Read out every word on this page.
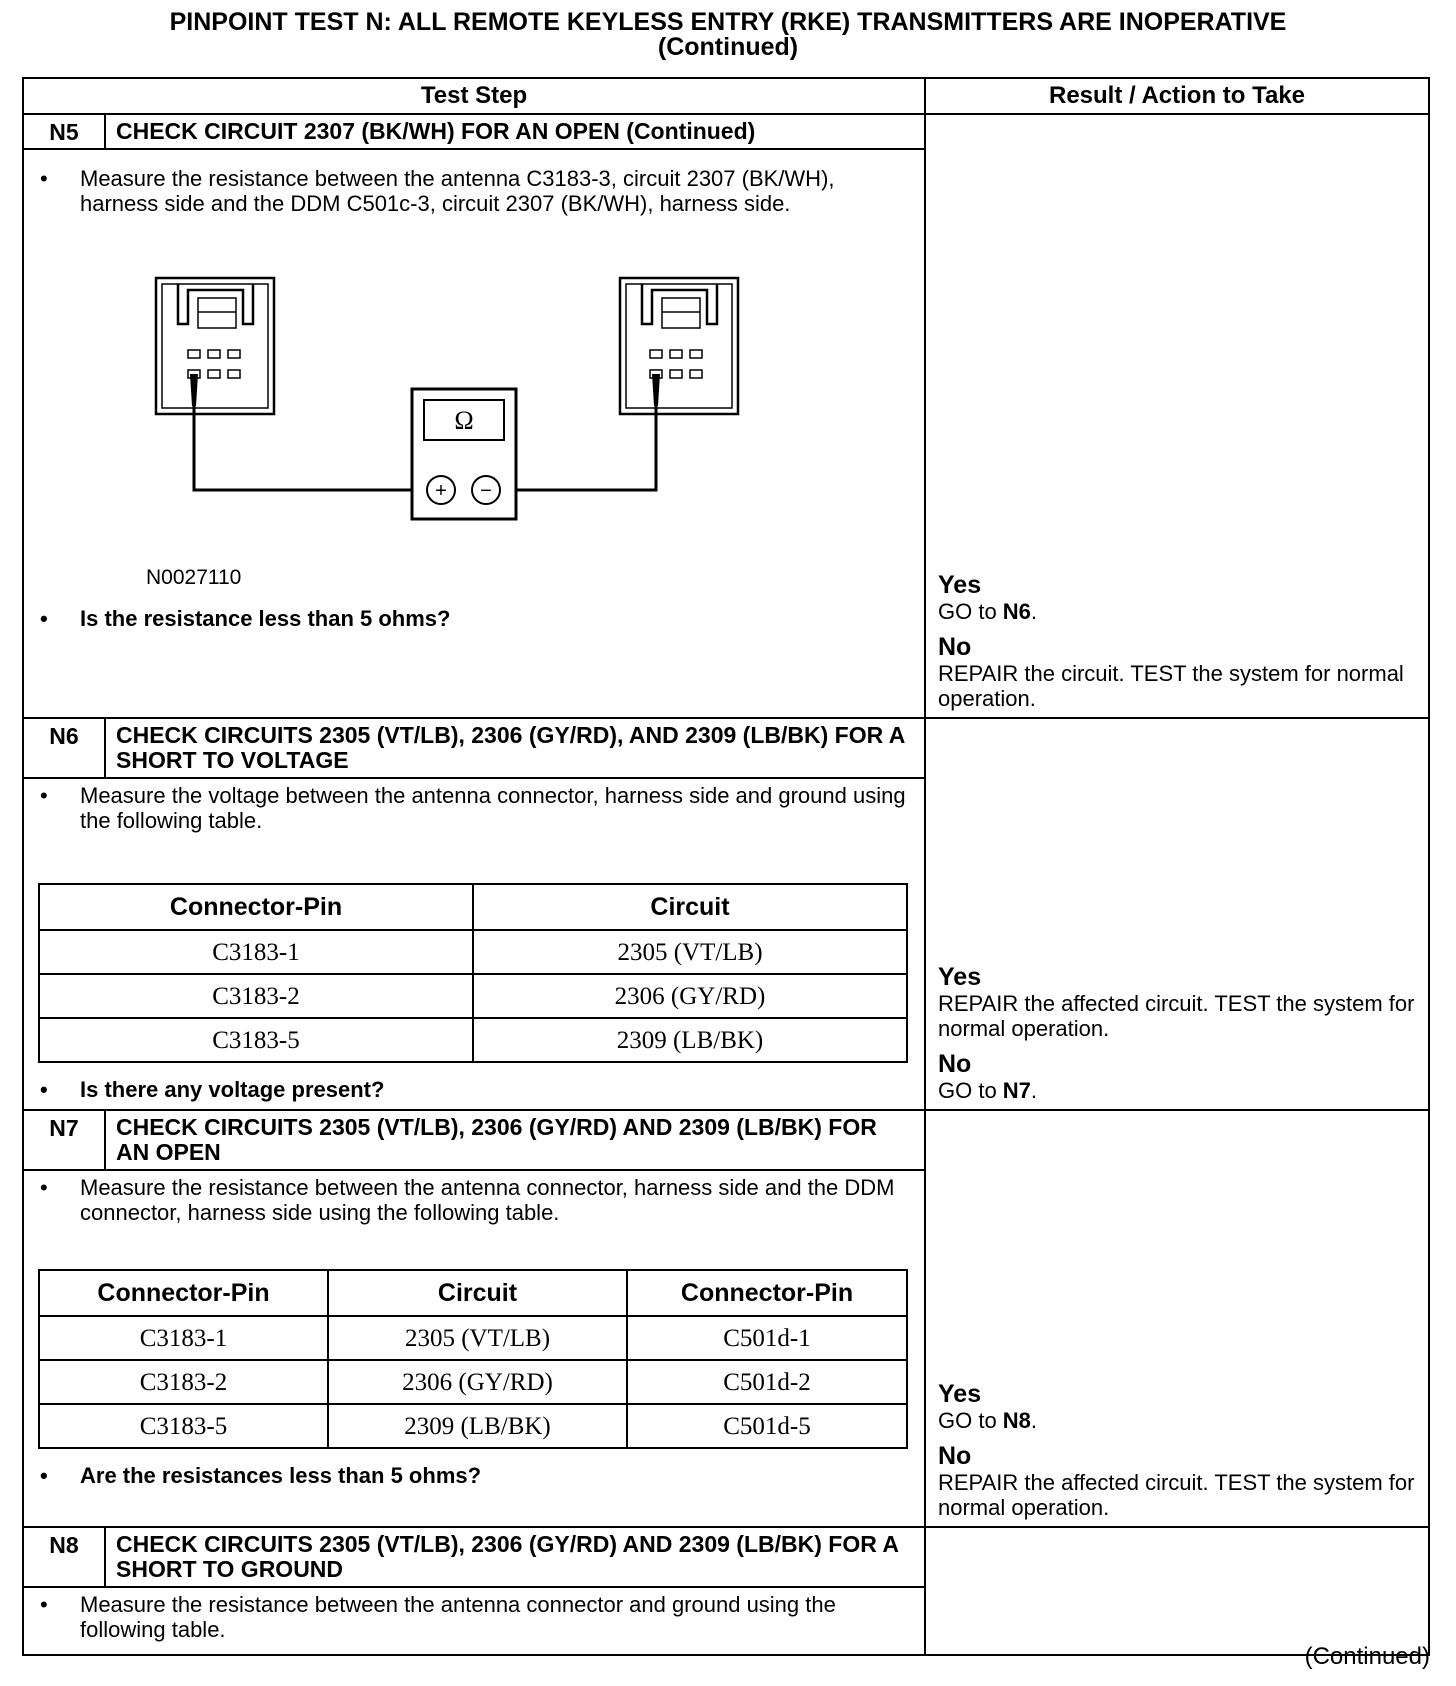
PINPOINT TEST N: ALL REMOTE KEYLESS ENTRY (RKE) TRANSMITTERS ARE INOPERATIVE
(Continued)
Test Step	Result / Action to Take
N5	CHECK CIRCUIT 2307 (BK/WH) FOR AN OPEN (Continued)	
Yes
GO to N6.
No
REPAIR the circuit. TEST the system for normal operation.

•	Measure the resistance between the antenna C3183-3, circuit 2307 (BK/WH), harness side and the DDM C501c-3, circuit 2307 (BK/WH), harness side.
Ω
+ −
N0027110
•	Is the resistance less than 5 ohms?

N6	CHECK CIRCUITS 2305 (VT/LB), 2306 (GY/RD), AND 2309 (LB/BK) FOR A SHORT TO VOLTAGE	
Yes
REPAIR the affected circuit. TEST the system for normal operation.
No
GO to N7.

•	Measure the voltage between the antenna connector, harness side and ground using the following table.
Connector-Pin	Circuit
C3183-1	2305 (VT/LB)
C3183-2	2306 (GY/RD)
C3183-5	2309 (LB/BK)
•	Is there any voltage present?

N7	CHECK CIRCUITS 2305 (VT/LB), 2306 (GY/RD) AND 2309 (LB/BK) FOR AN OPEN	
Yes
GO to N8.
No
REPAIR the affected circuit. TEST the system for normal operation.

•	Measure the resistance between the antenna connector, harness side and the DDM connector, harness side using the following table.
Connector-Pin	Circuit	Connector-Pin
C3183-1	2305 (VT/LB)	C501d-1
C3183-2	2306 (GY/RD)	C501d-2
C3183-5	2309 (LB/BK)	C501d-5
•	Are the resistances less than 5 ohms?

N8	CHECK CIRCUITS 2305 (VT/LB), 2306 (GY/RD) AND 2309 (LB/BK) FOR A SHORT TO GROUND	

•	Measure the resistance between the antenna connector and ground using the following table.
(Continued)
